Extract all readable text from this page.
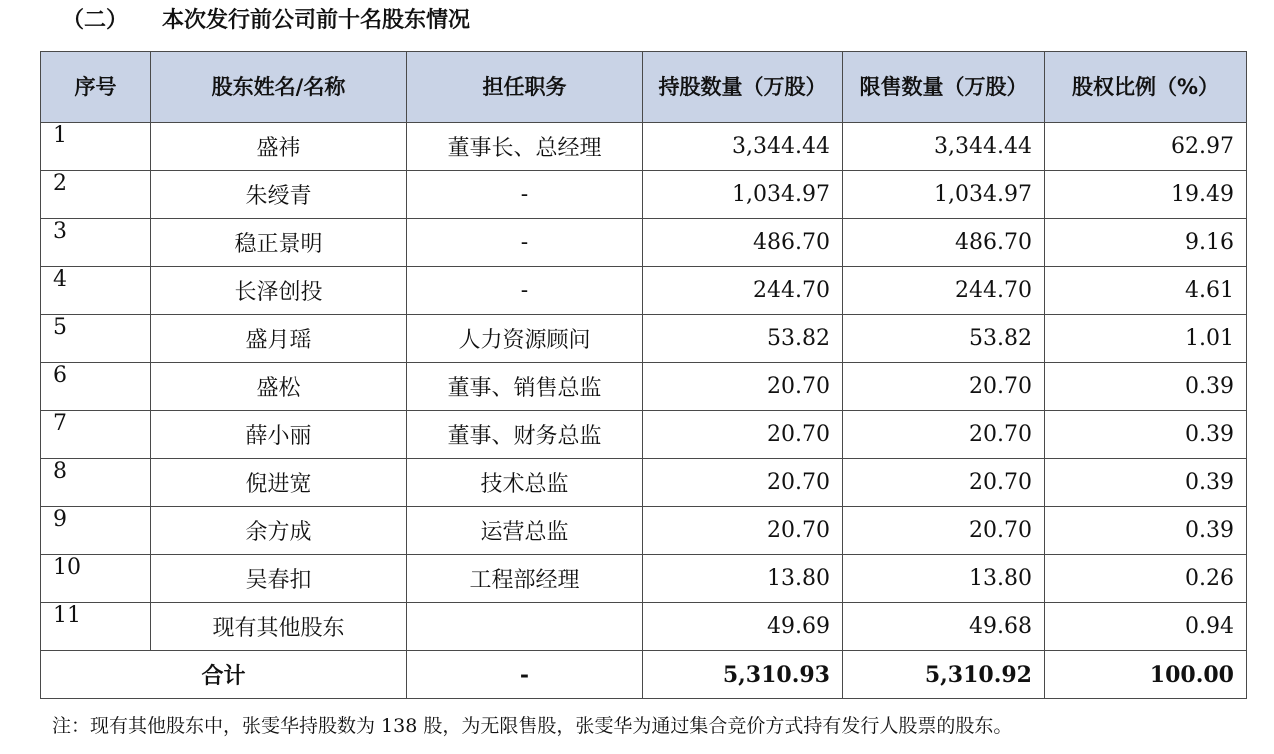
（二） 本次发行前公司前十名股东情况
序号	股东姓名/名称	担任职务	持股数量（万股）	限售数量（万股）	股权比例（%）
1	盛祎	董事长、总经理	3,344.44	3,344.44	62.97
2	朱绶青	-	1,034.97	1,034.97	19.49
3	稳正景明	-	486.70	486.70	9.16
4	长泽创投	-	244.70	244.70	4.61
5	盛月瑶	人力资源顾问	53.82	53.82	1.01
6	盛松	董事、销售总监	20.70	20.70	0.39
7	薛小丽	董事、财务总监	20.70	20.70	0.39
8	倪进宽	技术总监	20.70	20.70	0.39
9	余方成	运营总监	20.70	20.70	0.39
10	吴春扣	工程部经理	13.80	13.80	0.26
11	现有其他股东		49.69	49.68	0.94
合计		-	5,310.93	5,310.92	100.00
注：现有其他股东中，张雯华持股数为 138 股，为无限售股，张雯华为通过集合竞价方式持有发行人股票的股东。
